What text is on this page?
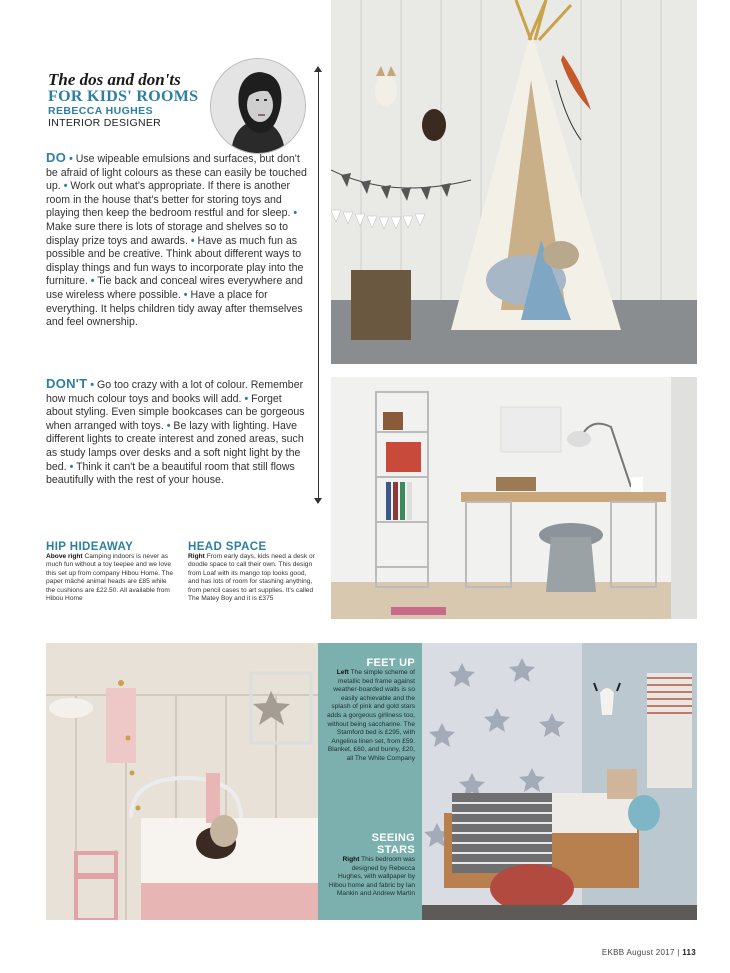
The dos and don'ts
FOR KIDS' ROOMS
REBECCA HUGHES
INTERIOR DESIGNER
DO • Use wipeable emulsions and surfaces, but don't be afraid of light colours as these can easily be touched up. • Work out what's appropriate. If there is another room in the house that's better for storing toys and playing then keep the bedroom restful and for sleep. • Make sure there is lots of storage and shelves so to display prize toys and awards. • Have as much fun as possible and be creative. Think about different ways to display things and fun ways to incorporate play into the furniture. • Tie back and conceal wires everywhere and use wireless where possible. • Have a place for everything. It helps children tidy away after themselves and feel ownership.
DON'T • Go too crazy with a lot of colour. Remember how much colour toys and books will add. • Forget about styling. Even simple bookcases can be gorgeous when arranged with toys. • Be lazy with lighting. Have different lights to create interest and zoned areas, such as study lamps over desks and a soft night light by the bed. • Think it can't be a beautiful room that still flows beautifully with the rest of your house.
HIP HIDEAWAY
Above right Camping indoors is never as much fun without a toy teepee and we love this set up from company Hibou Home. The paper mâché animal heads are £85 while the cushions are £22.50. All available from Hibou Home
HEAD SPACE
Right From early days, kids need a desk or doodle space to call their own. This design from Loaf with its mango top looks good, and has lots of room for stashing anything, from pencil cases to art supplies. It's called The Matey Boy and it is £375
FEET UP
Left The simple scheme of metallic bed frame against weather-boarded walls is so easily achievable and the splash of pink and gold stars adds a gorgeous girliness too, without being saccharine. The Stamford bed is £295, with Angelina linen set, from £59. Blanket, £60, and bunny, £20, all The White Company
SEEING
STARS
Right This bedroom was designed by Rebecca Hughes, with wallpaper by Hibou home and fabric by Ian Mankin and Andrew Martin
EKBB August 2017 | 113
